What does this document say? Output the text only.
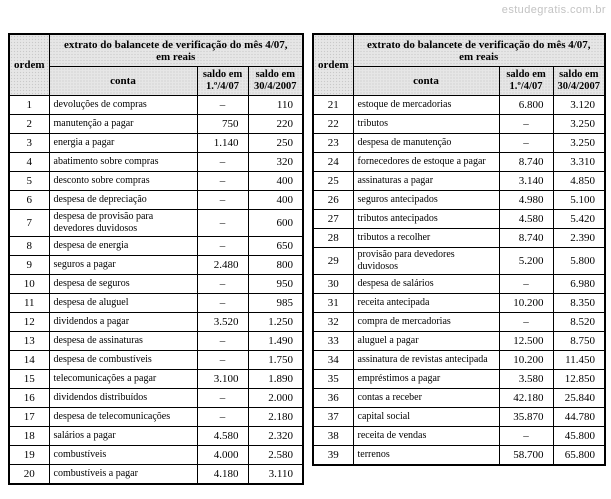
estudegratis.com.br
ordem	extrato do balancete de verificação do mês 4/07,
em reais		

	conta	saldo em 1.º/4/07	saldo em 30/4/2007
1	devoluções de compras	–	110
2	manutenção a pagar	750	220
3	energia a pagar	1.140	250
4	abatimento sobre compras	–	320
5	desconto sobre compras	–	400
6	despesa de depreciação	–	400
7	despesa de provisão para
devedores duvidosos	–	600
8	despesa de energia	–	650
9	seguros a pagar	2.480	800
10	despesa de seguros	–	950
11	despesa de aluguel	–	985
12	dividendos a pagar	3.520	1.250
13	despesa de assinaturas	–	1.490
14	despesa de combustíveis	–	1.750
15	telecomunicações a pagar	3.100	1.890
16	dividendos distribuídos	–	2.000
17	despesa de telecomunicações	–	2.180
18	salários a pagar	4.580	2.320
19	combustíveis	4.000	2.580
20	combustíveis a pagar	4.180	3.110
ordem	extrato do balancete de verificação do mês 4/07,
em reais		

	conta	saldo em 1.º/4/07	saldo em 30/4/2007
21	estoque de mercadorias	6.800	3.120
22	tributos	–	3.250
23	despesa de manutenção	–	3.250
24	fornecedores de estoque a pagar	8.740	3.310
25	assinaturas a pagar	3.140	4.850
26	seguros antecipados	4.980	5.100
27	tributos antecipados	4.580	5.420
28	tributos a recolher	8.740	2.390
29	provisão para devedores
duvidosos	5.200	5.800
30	despesa de salários	–	6.980
31	receita antecipada	10.200	8.350
32	compra de mercadorias	–	8.520
33	aluguel a pagar	12.500	8.750
34	assinatura de revistas antecipada	10.200	11.450
35	empréstimos a pagar	3.580	12.850
36	contas a receber	42.180	25.840
37	capital social	35.870	44.780
38	receita de vendas	–	45.800
39	terrenos	58.700	65.800
